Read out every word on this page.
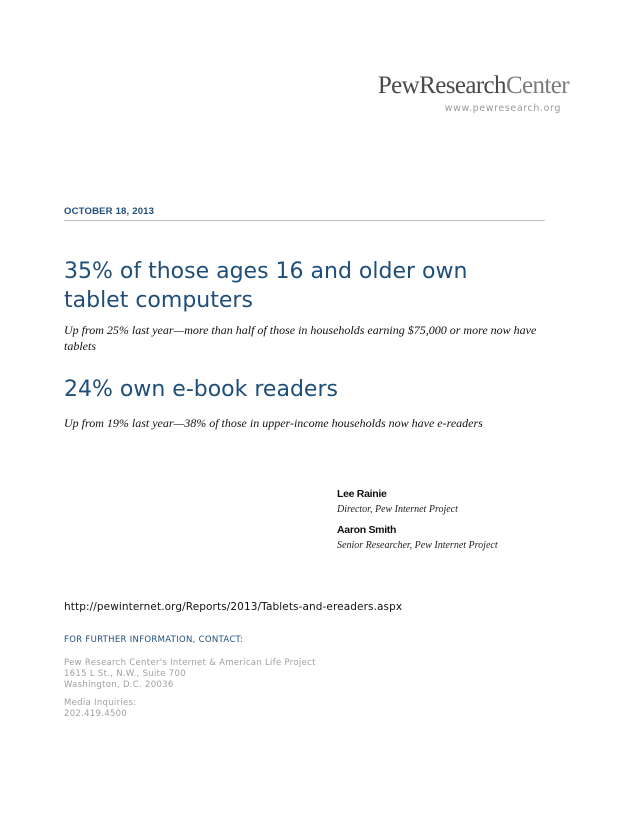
PewResearchCenter
www.pewresearch.org
OCTOBER 18, 2013
35% of those ages 16 and older own tablet computers

Up from 25% last year—more than half of those in households earning $75,000 or more now have tablets

24% own e-book readers

Up from 19% last year—38% of those in upper-income households now have e-readers

Lee Rainie
Director, Pew Internet Project
Aaron Smith
Senior Researcher, Pew Internet Project
http://pewinternet.org/Reports/2013/Tablets-and-ereaders.aspx
FOR FURTHER INFORMATION, CONTACT:
Pew Research Center's Internet & American Life Project
1615 L St., N.W., Suite 700
Washington, D.C. 20036
Media Inquiries:
202.419.4500
